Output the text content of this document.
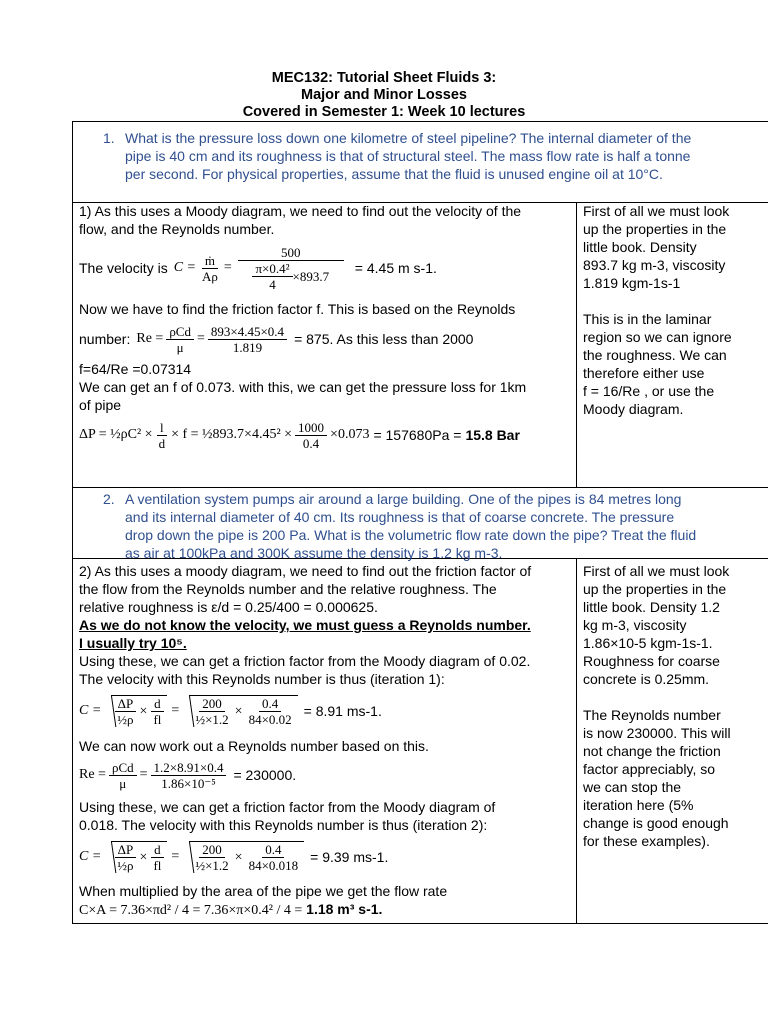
MEC132: Tutorial Sheet Fluids 3:
Major and Minor Losses
Covered in Semester 1: Week 10 lectures
1. What is the pressure loss down one kilometre of steel pipeline? The internal diameter of the
pipe is 40 cm and its roughness is that of structural steel. The mass flow rate is half a tonne
per second. For physical properties, assume that the fluid is unused engine oil at 10°C.
1) As this uses a Moody diagram, we need to find out the velocity of the
flow, and the Reynolds number.
The velocity is $C = \frac{\text{ṁ}}{A\rho} = \frac{500}{\frac{\text{π×0.4²}}{4} \times 893.7} = 4.45$ m s-1.
Now we have to find the friction factor f. This is based on the Reynolds
number: $Re = \frac{\text{ρCd}}{\mu} = \frac{893\times 4.45\times 0.4}{1.819} = 875$. As this less than 2000
f=64/Re =0.07314
We can get an f of 0.073. with this, we can get the pressure loss for 1km
of pipe
ΔP = ½ρC² × $\frac{l}{d} \times f$ = ½893.7×4.45² × $\frac{1000}{0.4} \times 0.073 = 157680Pa = 15.8$ Bar
First of all we must look
up the properties in the
little book. Density
893.7 kg m-3, viscosity
1.819 kgm-1s-1
This is in the laminar
region so we can ignore
the roughness. We can
therefore either use
f = 16/Re , or use the
Moody diagram.
2. A ventilation system pumps air around a large building. One of the pipes is 84 metres long
and its internal diameter of 40 cm. Its roughness is that of coarse concrete. The pressure
drop down the pipe is 200 Pa. What is the volumetric flow rate down the pipe? Treat the fluid
as air at 100kPa and 300K assume the density is 1.2 kg m-3.
2) As this uses a moody diagram, we need to find out the friction factor of
the flow from the Reynolds number and the relative roughness. The
relative roughness is ε/d = 0.25/400 = 0.000625.
As we do not know the velocity, we must guess a Reynolds number.
I usually try 10⁵.
Using these, we can get a friction factor from the Moody diagram of 0.02.
The velocity with this Reynolds number is thus (iteration 1):
$C = \frac{\Delta P}{\text{½ρ}} \times \frac{d}{fl} = \frac{200}{\text{½×1.2}} \times \frac{0.4}{84\times 0.02} = 8.91$ ms-1.
We can now work out a Reynolds number based on this.
$Re = \frac{\text{ρCd}}{\mu} = \frac{1.2\times 8.91\times 0.4}{\text{1.86×10⁻⁵}} = 230000$.
Using these, we can get a friction factor from the Moody diagram of
0.018. The velocity with this Reynolds number is thus (iteration 2):
$C = \frac{\Delta P}{\text{½ρ}} \times \frac{d}{fl} = \frac{200}{\text{½×1.2}} \times \frac{0.4}{84\times 0.018} = 9.39$ ms-1.
When multiplied by the area of the pipe we get the flow rate
C×A = 7.36×πd² / 4 = 7.36×π×0.4² / 4 = 1.18 m³ s-1.
First of all we must look
up the properties in the
little book. Density 1.2
kg m-3, viscosity
1.86×10-5 kgm-1s-1.
Roughness for coarse
concrete is 0.25mm.
The Reynolds number
is now 230000. This will
not change the friction
factor appreciably, so
we can stop the
iteration here (5%
change is good enough
for these examples).
